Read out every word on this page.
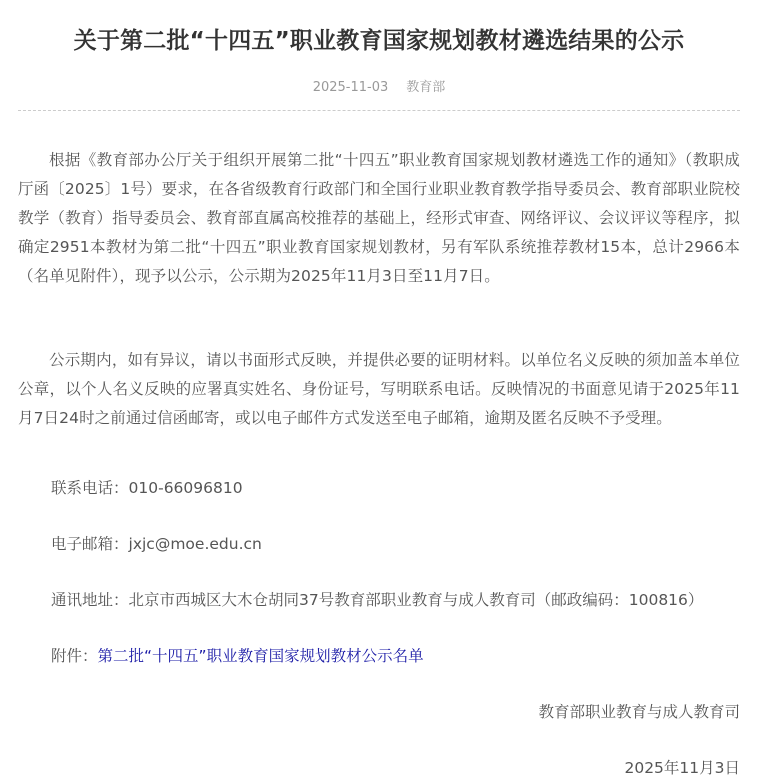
关于第二批“十四五”职业教育国家规划教材遴选结果的公示
2025-11-03 教育部

根据《教育部办公厅关于组织开展第二批“十四五”职业教育国家规划教材遴选工作的通知》（教职成厅函〔2025〕1号）要求，在各省级教育行政部门和全国行业职业教育教学指导委员会、教育部职业院校教学（教育）指导委员会、教育部直属高校推荐的基础上，经形式审查、网络评议、会议评议等程序，拟确定2951本教材为第二批“十四五”职业教育国家规划教材，另有军队系统推荐教材15本，总计2966本（名单见附件），现予以公示，公示期为2025年11月3日至11月7日。

公示期内，如有异议，请以书面形式反映，并提供必要的证明材料。以单位名义反映的须加盖本单位公章，以个人名义反映的应署真实姓名、身份证号，写明联系电话。反映情况的书面意见请于2025年11月7日24时之前通过信函邮寄，或以电子邮件方式发送至电子邮箱，逾期及匿名反映不予受理。

联系电话：010-66096810

电子邮箱：jxjc@moe.edu.cn

通讯地址：北京市西城区大木仓胡同37号教育部职业教育与成人教育司（邮政编码：100816）

附件：第二批“十四五”职业教育国家规划教材公示名单

教育部职业教育与成人教育司

2025年11月3日
